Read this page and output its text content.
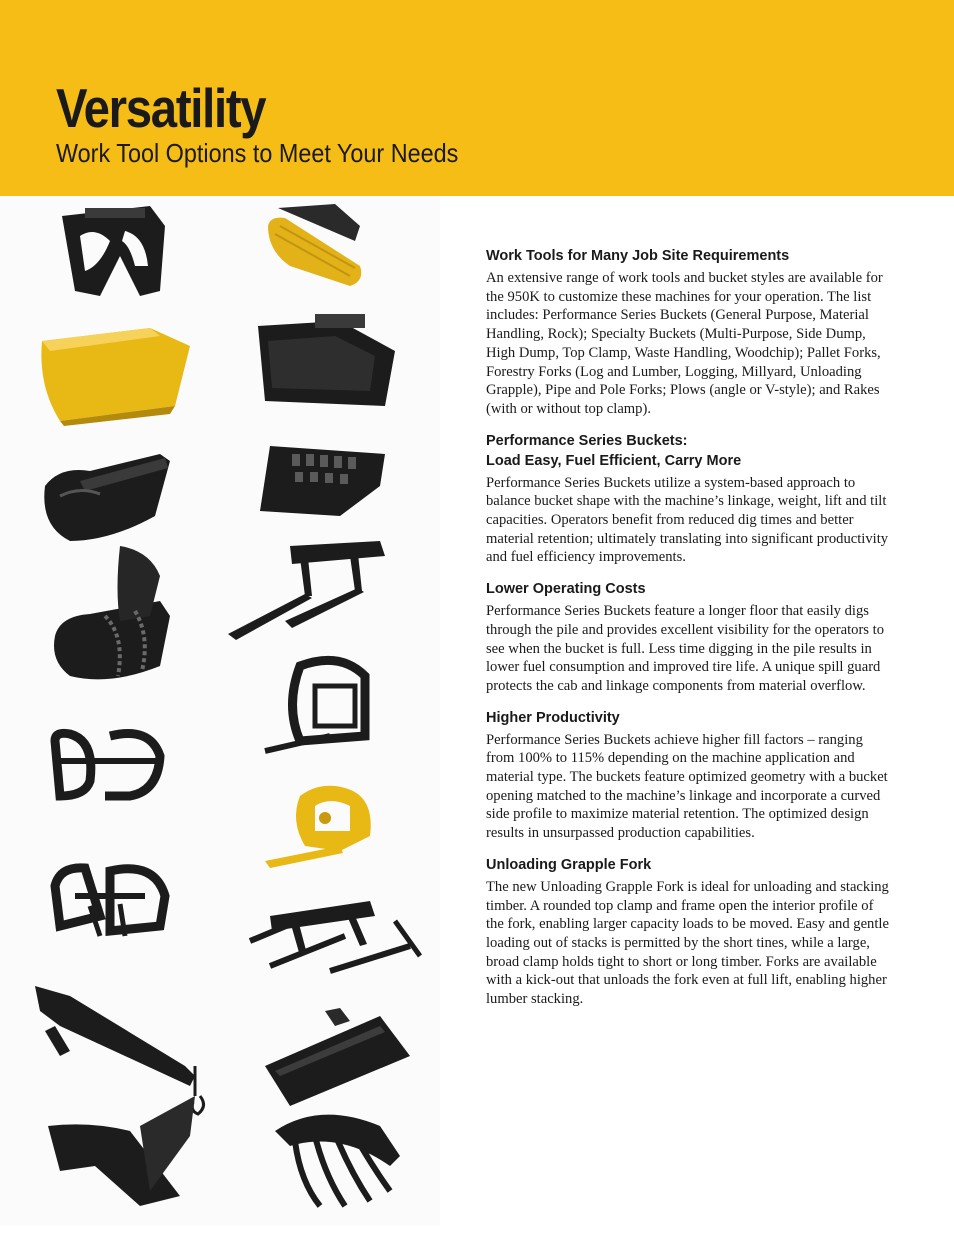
Versatility
Work Tool Options to Meet Your Needs
Work Tools for Many Job Site Requirements

An extensive range of work tools and bucket styles are available for the 950K to customize these machines for your operation. The list includes: Performance Series Buckets (General Purpose, Material Handling, Rock); Specialty Buckets (Multi-Purpose, Side Dump, High Dump, Top Clamp, Waste Handling, Woodchip); Pallet Forks, Forestry Forks (Log and Lumber, Logging, Millyard, Unloading Grapple), Pipe and Pole Forks; Plows (angle or V-style); and Rakes (with or without top clamp).

Performance Series Buckets:
Load Easy, Fuel Efficient, Carry More

Performance Series Buckets utilize a system-based approach to balance bucket shape with the machine’s linkage, weight, lift and tilt capacities. Operators benefit from reduced dig times and better material retention; ultimately translating into significant productivity and fuel efficiency improvements.

Lower Operating Costs

Performance Series Buckets feature a longer floor that easily digs through the pile and provides excellent visibility for the operators to see when the bucket is full. Less time digging in the pile results in lower fuel consumption and improved tire life. A unique spill guard protects the cab and linkage components from material overflow.

Higher Productivity

Performance Series Buckets achieve higher fill factors – ranging from 100% to 115% depending on the machine application and material type. The buckets feature optimized geometry with a bucket opening matched to the machine’s linkage and incorporate a curved side profile to maximize material retention. The optimized design results in unsurpassed production capabilities.

Unloading Grapple Fork

The new Unloading Grapple Fork is ideal for unloading and stacking timber. A rounded top clamp and frame open the interior profile of the fork, enabling larger capacity loads to be moved. Easy and gentle loading out of stacks is permitted by the short tines, while a large, broad clamp holds tight to short or long timber. Forks are available with a kick-out that unloads the fork even at full lift, enabling higher lumber stacking.
